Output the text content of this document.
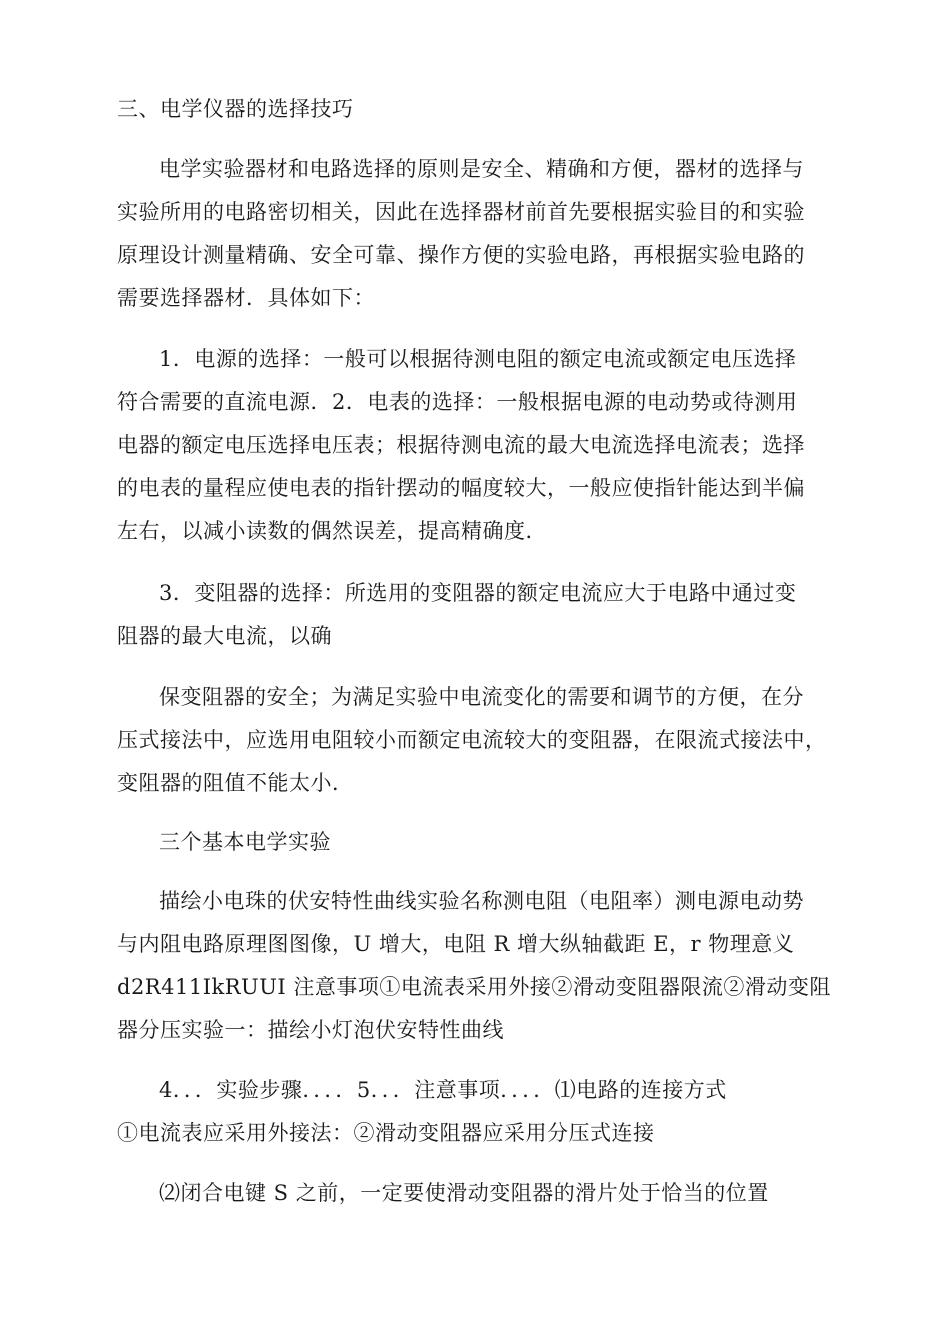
三、电学仪器的选择技巧

电学实验器材和电路选择的原则是安全、精确和方便，器材的选择与
实验所用的电路密切相关，因此在选择器材前首先要根据实验目的和实验
原理设计测量精确、安全可靠、操作方便的实验电路，再根据实验电路的
需要选择器材．具体如下：

1．电源的选择：一般可以根据待测电阻的额定电流或额定电压选择
符合需要的直流电源．2．电表的选择：一般根据电源的电动势或待测用
电器的额定电压选择电压表；根据待测电流的最大电流选择电流表；选择
的电表的量程应使电表的指针摆动的幅度较大，一般应使指针能达到半偏
左右，以减小读数的偶然误差，提高精确度．

3．变阻器的选择：所选用的变阻器的额定电流应大于电路中通过变
阻器的最大电流，以确

保变阻器的安全；为满足实验中电流变化的需要和调节的方便，在分
压式接法中，应选用电阻较小而额定电流较大的变阻器，在限流式接法中，
变阻器的阻值不能太小．

三个基本电学实验

描绘小电珠的伏安特性曲线实验名称测电阻（电阻率）测电源电动势
与内阻电路原理图图像，U 增大，电阻 R 增大纵轴截距 E，r 物理意义
d2R411IkRUUI 注意事项①电流表采用外接②滑动变阻器限流②滑动变阻
器分压实验一：描绘小灯泡伏安特性曲线

4．．．实验步骤．．．．5．．．注意事项．．．．⑴电路的连接方式
①电流表应采用外接法：②滑动变阻器应采用分压式连接

⑵闭合电键 S 之前，一定要使滑动变阻器的滑片处于恰当的位置
